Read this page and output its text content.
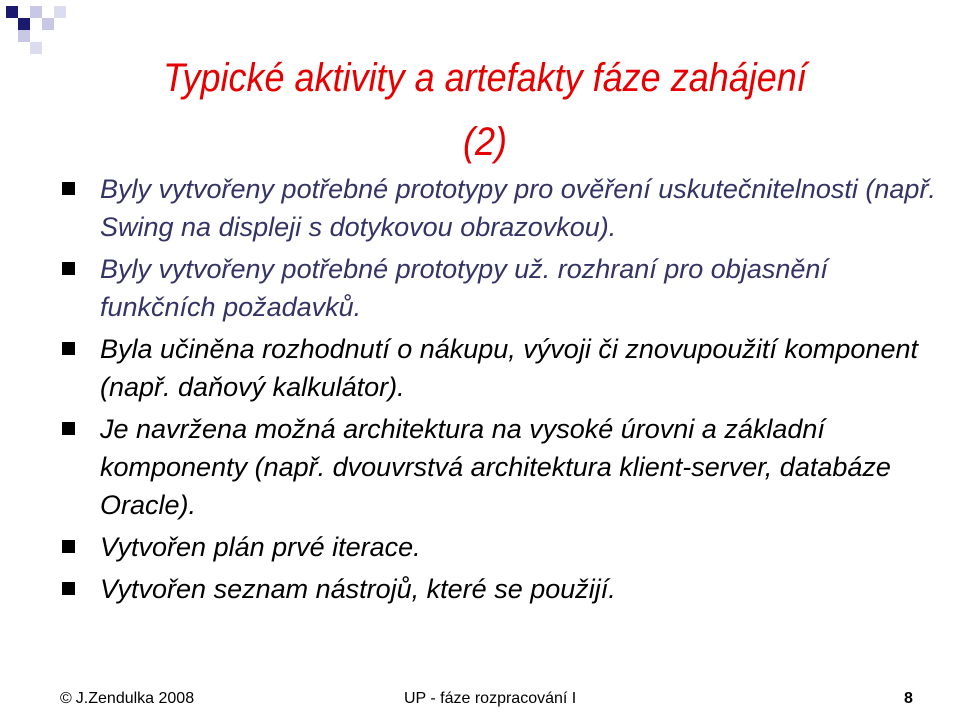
Typické aktivity a artefakty fáze zahájení
(2)
Byly vytvořeny potřebné prototypy pro ověření uskutečnitelnosti (např. Swing na displeji s dotykovou obrazovkou).
Byly vytvořeny potřebné prototypy už. rozhraní pro objasnění funkčních požadavků.
Byla učiněna rozhodnutí o nákupu, vývoji či znovupoužití komponent (např. daňový kalkulátor).
Je navržena možná architektura na vysoké úrovni a základní komponenty (např. dvouvrstvá architektura klient-server, databáze Oracle).
Vytvořen plán prvé iterace.
Vytvořen seznam nástrojů, které se použijí.
© J.Zendulka 2008	UP - fáze rozpracování I	8
